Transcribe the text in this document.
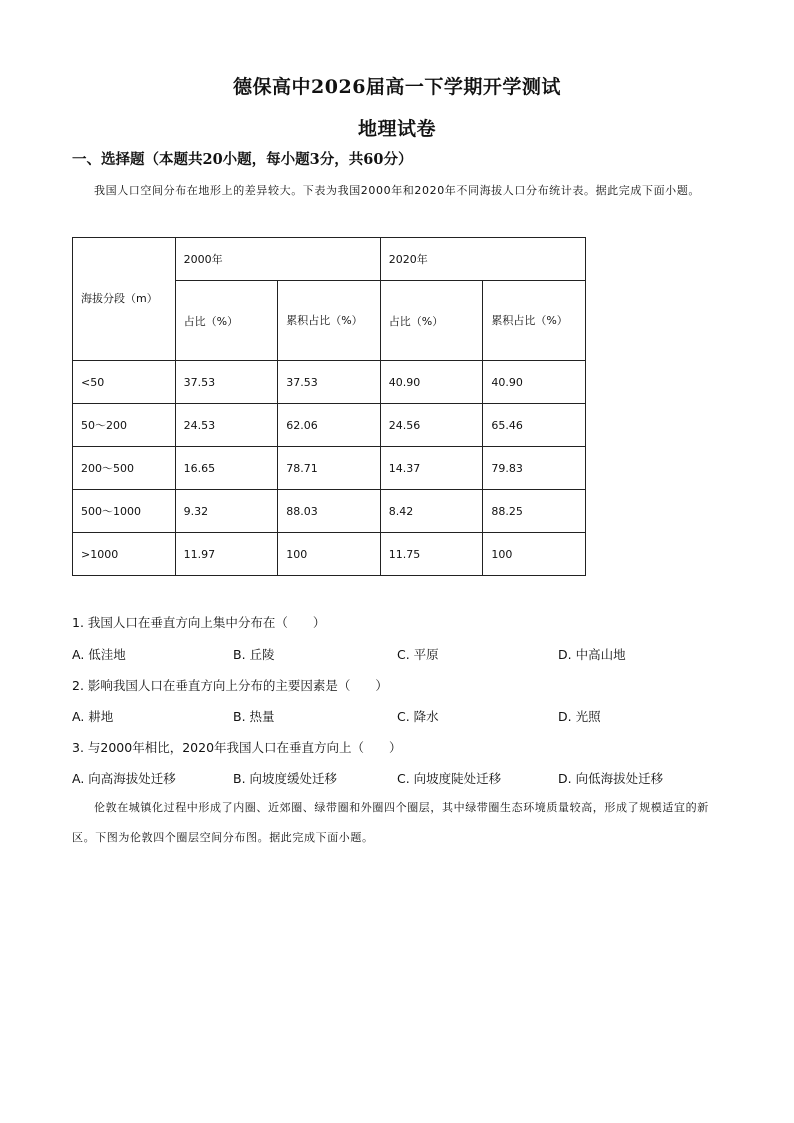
德保高中2026届高一下学期开学测试
地理试卷
一、选择题（本题共20小题，每小题3分，共60分）
我国人口空间分布在地形上的差异较大。下表为我国2000年和2020年不同海拔人口分布统计表。据此完成下面小题。
海拔分段（m）	2000年		2020年	
	占比（%）	累积占比（%）	占比（%）	累积占比（%）
<50	37.53	37.53	40.90	40.90
50～200	24.53	62.06	24.56	65.46
200～500	16.65	78.71	14.37	79.83
500～1000	9.32	88.03	8.42	88.25
>1000	11.97	100	11.75	100
1. 我国人口在垂直方向上集中分布在（　　）
A. 低洼地	B. 丘陵	C. 平原	D. 中高山地
2. 影响我国人口在垂直方向上分布的主要因素是（　　）
A. 耕地	B. 热量	C. 降水	D. 光照
3. 与2000年相比，2020年我国人口在垂直方向上（　　）
A. 向高海拔处迁移	B. 向坡度缓处迁移	C. 向坡度陡处迁移	D. 向低海拔处迁移
伦敦在城镇化过程中形成了内圈、近郊圈、绿带圈和外圈四个圈层，其中绿带圈生态环境质量较高，形成了规模适宜的新区。下图为伦敦四个圈层空间分布图。据此完成下面小题。
